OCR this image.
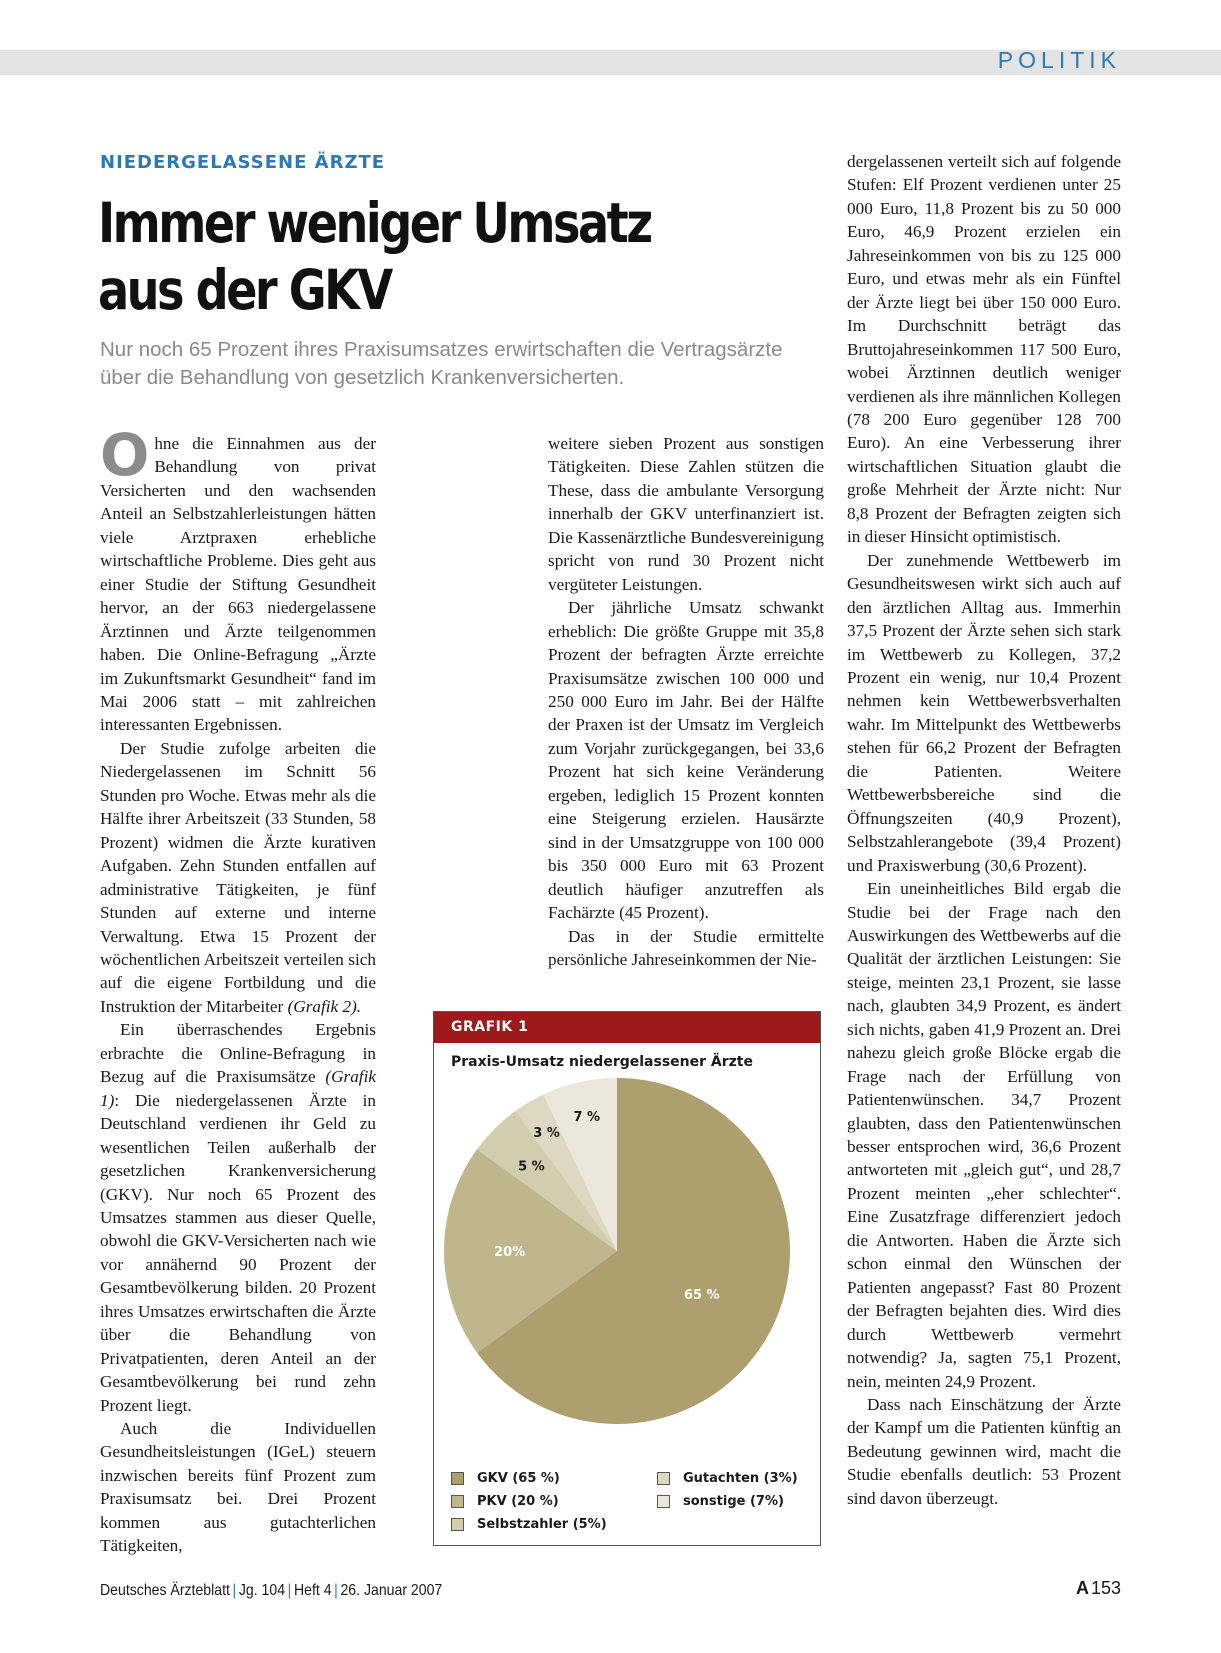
POLITIK
NIEDERGELASSENE ÄRZTE
Immer weniger Umsatz
aus der GKV

Nur noch 65 Prozent ihres Praxisumsatzes erwirtschaften die Vertragsärzte über die Behandlung von gesetzlich Krankenversicherten.

Ohne die Einnahmen aus der Behandlung von privat Versicherten und den wachsenden Anteil an Selbstzahlerleistungen hätten viele Arztpraxen erhebliche wirtschaftliche Probleme. Dies geht aus einer Studie der Stiftung Gesundheit hervor, an der 663 niedergelassene Ärztinnen und Ärzte teilgenommen haben. Die Online-Befragung „Ärzte im Zukunftsmarkt Gesundheit“ fand im Mai 2006 statt – mit zahlreichen interessanten Ergebnissen.

Der Studie zufolge arbeiten die Niedergelassenen im Schnitt 56 Stunden pro Woche. Etwas mehr als die Hälfte ihrer Arbeitszeit (33 Stunden, 58 Prozent) widmen die Ärzte kurativen Aufgaben. Zehn Stunden entfallen auf administrative Tätigkeiten, je fünf Stunden auf externe und interne Verwaltung. Etwa 15 Prozent der wöchentlichen Arbeitszeit verteilen sich auf die eigene Fortbildung und die Instruktion der Mitarbeiter (Grafik 2).

Ein überraschendes Ergebnis erbrachte die Online-Befragung in Bezug auf die Praxisumsätze (Grafik 1): Die niedergelassenen Ärzte in Deutschland verdienen ihr Geld zu wesentlichen Teilen außerhalb der gesetzlichen Krankenversicherung (GKV). Nur noch 65 Prozent des Umsatzes stammen aus dieser Quelle, obwohl die GKV-Versicherten nach wie vor annähernd 90 Prozent der Gesamtbevölkerung bilden. 20 Prozent ihres Umsatzes erwirtschaften die Ärzte über die Behandlung von Privatpatienten, deren Anteil an der Gesamtbevölkerung bei rund zehn Prozent liegt.

Auch die Individuellen Gesundheitsleistungen (IGeL) steuern inzwischen bereits fünf Prozent zum Praxisumsatz bei. Drei Prozent kommen aus gutachterlichen Tätigkeiten,

weitere sieben Prozent aus sonstigen Tätigkeiten. Diese Zahlen stützen die These, dass die ambulante Versorgung innerhalb der GKV unterfinanziert ist. Die Kassenärztliche Bundesvereinigung spricht von rund 30 Prozent nicht vergüteter Leistungen.

Der jährliche Umsatz schwankt erheblich: Die größte Gruppe mit 35,8 Prozent der befragten Ärzte erreichte Praxisumsätze zwischen 100 000 und 250 000 Euro im Jahr. Bei der Hälfte der Praxen ist der Umsatz im Vergleich zum Vorjahr zurückgegangen, bei 33,6 Prozent hat sich keine Veränderung ergeben, lediglich 15 Prozent konnten eine Steigerung erzielen. Hausärzte sind in der Umsatzgruppe von 100 000 bis 350 000 Euro mit 63 Prozent deutlich häufiger anzutreffen als Fachärzte (45 Prozent).

Das in der Studie ermittelte persönliche Jahreseinkommen der Nie-

dergelassenen verteilt sich auf folgende Stufen: Elf Prozent verdienen unter 25 000 Euro, 11,8 Prozent bis zu 50 000 Euro, 46,9 Prozent erzielen ein Jahreseinkommen von bis zu 125 000 Euro, und etwas mehr als ein Fünftel der Ärzte liegt bei über 150 000 Euro. Im Durchschnitt beträgt das Bruttojahreseinkommen 117 500 Euro, wobei Ärztinnen deutlich weniger verdienen als ihre männlichen Kollegen (78 200 Euro gegenüber 128 700 Euro). An eine Verbesserung ihrer wirtschaftlichen Situation glaubt die große Mehrheit der Ärzte nicht: Nur 8,8 Prozent der Befragten zeigten sich in dieser Hinsicht optimistisch.

Der zunehmende Wettbewerb im Gesundheitswesen wirkt sich auch auf den ärztlichen Alltag aus. Immerhin 37,5 Prozent der Ärzte sehen sich stark im Wettbewerb zu Kollegen, 37,2 Prozent ein wenig, nur 10,4 Prozent nehmen kein Wettbewerbsverhalten wahr. Im Mittelpunkt des Wettbewerbs stehen für 66,2 Prozent der Befragten die Patienten. Weitere Wettbewerbsbereiche sind die Öffnungszeiten (40,9 Prozent), Selbstzahlerangebote (39,4 Prozent) und Praxiswerbung (30,6 Prozent).

Ein uneinheitliches Bild ergab die Studie bei der Frage nach den Auswirkungen des Wettbewerbs auf die Qualität der ärztlichen Leistungen: Sie steige, meinten 23,1 Prozent, sie lasse nach, glaubten 34,9 Prozent, es ändert sich nichts, gaben 41,9 Prozent an. Drei nahezu gleich große Blöcke ergab die Frage nach der Erfüllung von Patientenwünschen. 34,7 Prozent glaubten, dass den Patientenwünschen besser entsprochen wird, 36,6 Prozent antworteten mit „gleich gut“, und 28,7 Prozent meinten „eher schlechter“. Eine Zusatzfrage differenziert jedoch die Antworten. Haben die Ärzte sich schon einmal den Wünschen der Patienten angepasst? Fast 80 Prozent der Befragten bejahten dies. Wird dies durch Wettbewerb vermehrt notwendig? Ja, sagten 75,1 Prozent, nein, meinten 24,9 Prozent.

Dass nach Einschätzung der Ärzte der Kampf um die Patienten künftig an Bedeutung gewinnen wird, macht die Studie ebenfalls deutlich: 53 Prozent sind davon überzeugt.

GRAFIK 1
Praxis-Umsatz niedergelassener Ärzte
65 %
20%
5 %
3 %
7 %
GKV (65 %)
PKV (20 %)
Selbstzahler (5%)
Gutachten (3%)
sonstige (7%)
Deutsches Ärzteblatt | Jg. 104 | Heft 4 | 26. Januar 2007	A 153
